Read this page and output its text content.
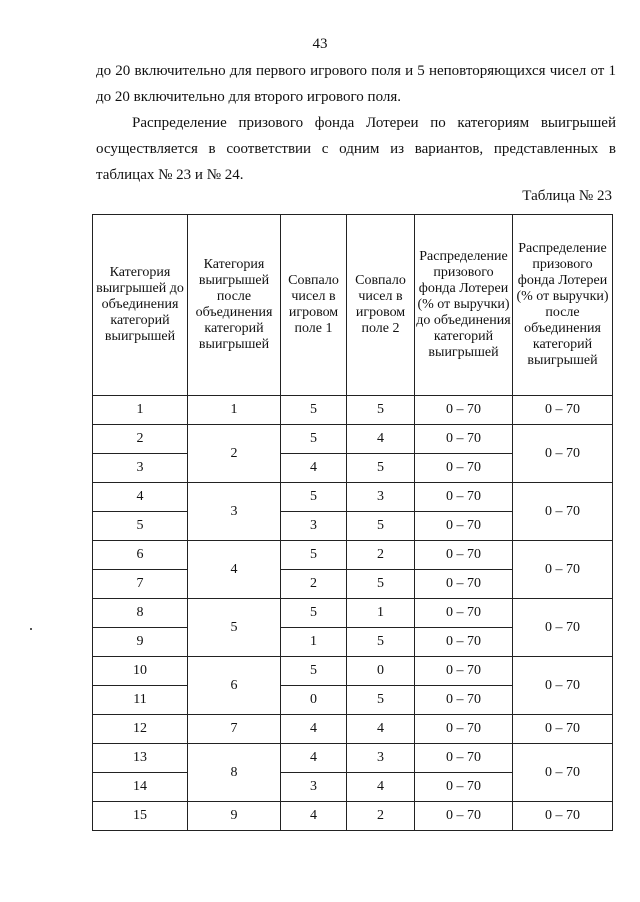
43

до 20 включительно для первого игрового поля и 5 неповторяющихся чисел от 1
до 20 включительно для второго игрового поля.

Распределение призового фонда Лотереи по категориям выигрышей
осуществляется в соответствии с одним из вариантов, представленных в
таблицах № 23 и № 24.

Таблица № 23
Категория выигрышей до объединения категорий выигрышей	Категория выигрышей после объединения категорий выигрышей	Совпало чисел в игровом поле 1	Совпало чисел в игровом поле 2	Распределение призового фонда Лотереи (% от выручки) до объединения категорий выигрышей	Распределение призового фонда Лотереи (% от выручки) после объединения категорий выигрышей
1	1	5	5	0 – 70	0 – 70
2	2	5	4	0 – 70	0 – 70
3		4	5	0 – 70	
4	3	5	3	0 – 70	0 – 70
5		3	5	0 – 70	
6	4	5	2	0 – 70	0 – 70
7		2	5	0 – 70	
8	5	5	1	0 – 70	0 – 70
9		1	5	0 – 70	
10	6	5	0	0 – 70	0 – 70
11		0	5	0 – 70	
12	7	4	4	0 – 70	0 – 70
13	8	4	3	0 – 70	0 – 70
14		3	4	0 – 70	
15	9	4	2	0 – 70	0 – 70
